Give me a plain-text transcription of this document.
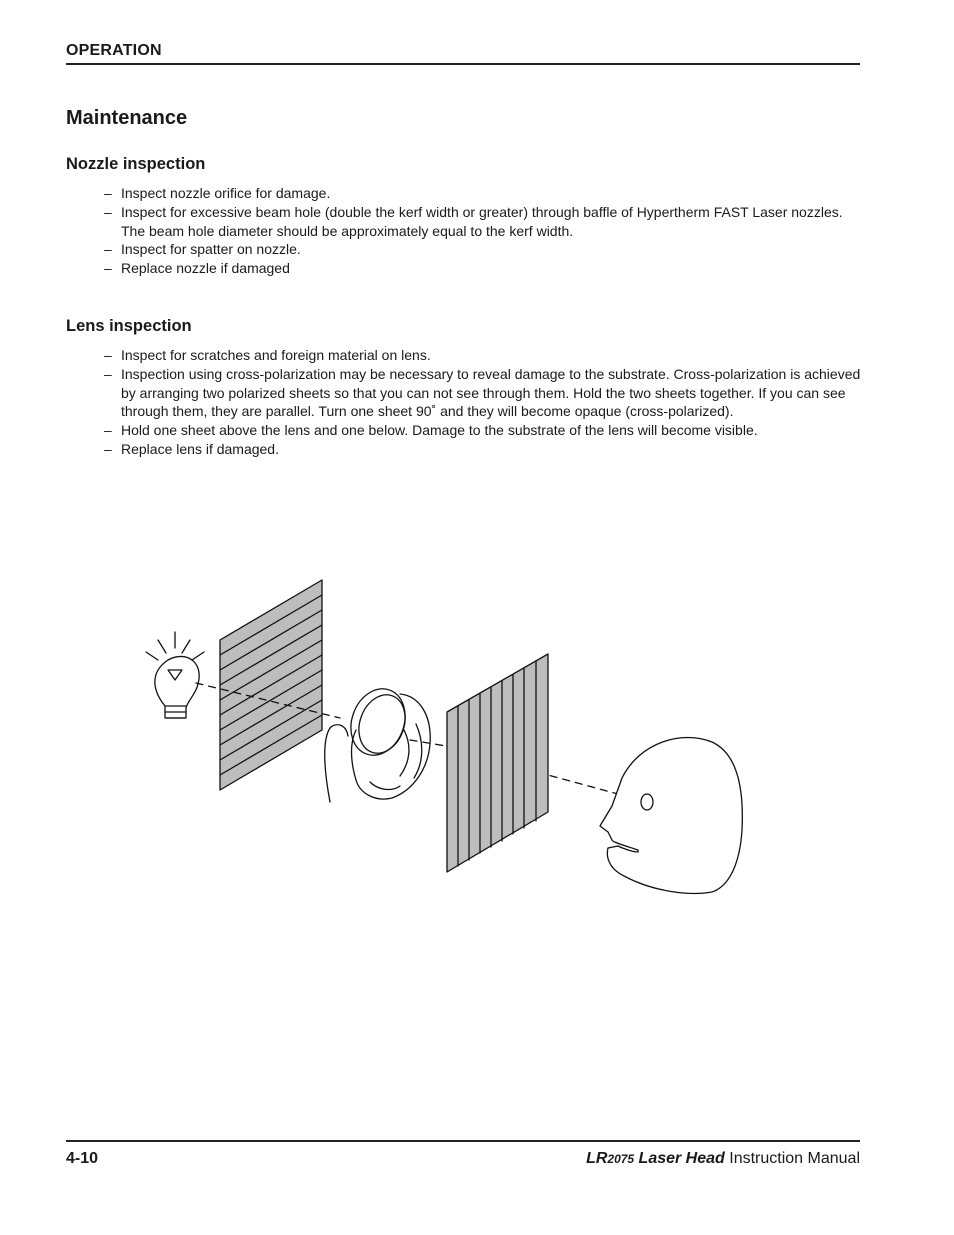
OPERATION
Maintenance
Nozzle inspection
– Inspect nozzle orifice for damage.
– Inspect for excessive beam hole (double the kerf width or greater) through baffle of Hypertherm FAST Laser nozzles. The beam hole diameter should be approximately equal to the kerf width.
– Inspect for spatter on nozzle.
– Replace nozzle if damaged
Lens inspection
– Inspect for scratches and foreign material on lens.
– Inspection using cross-polarization may be necessary to reveal damage to the substrate. Cross-polarization is achieved by arranging two polarized sheets so that you can not see through them. Hold the two sheets together. If you can see through them, they are parallel. Turn one sheet 90˚ and they will become opaque (cross-polarized).
– Hold one sheet above the lens and one below. Damage to the substrate of the lens will become visible.
– Replace lens if damaged.
4-10	LR2075 Laser Head Instruction Manual
